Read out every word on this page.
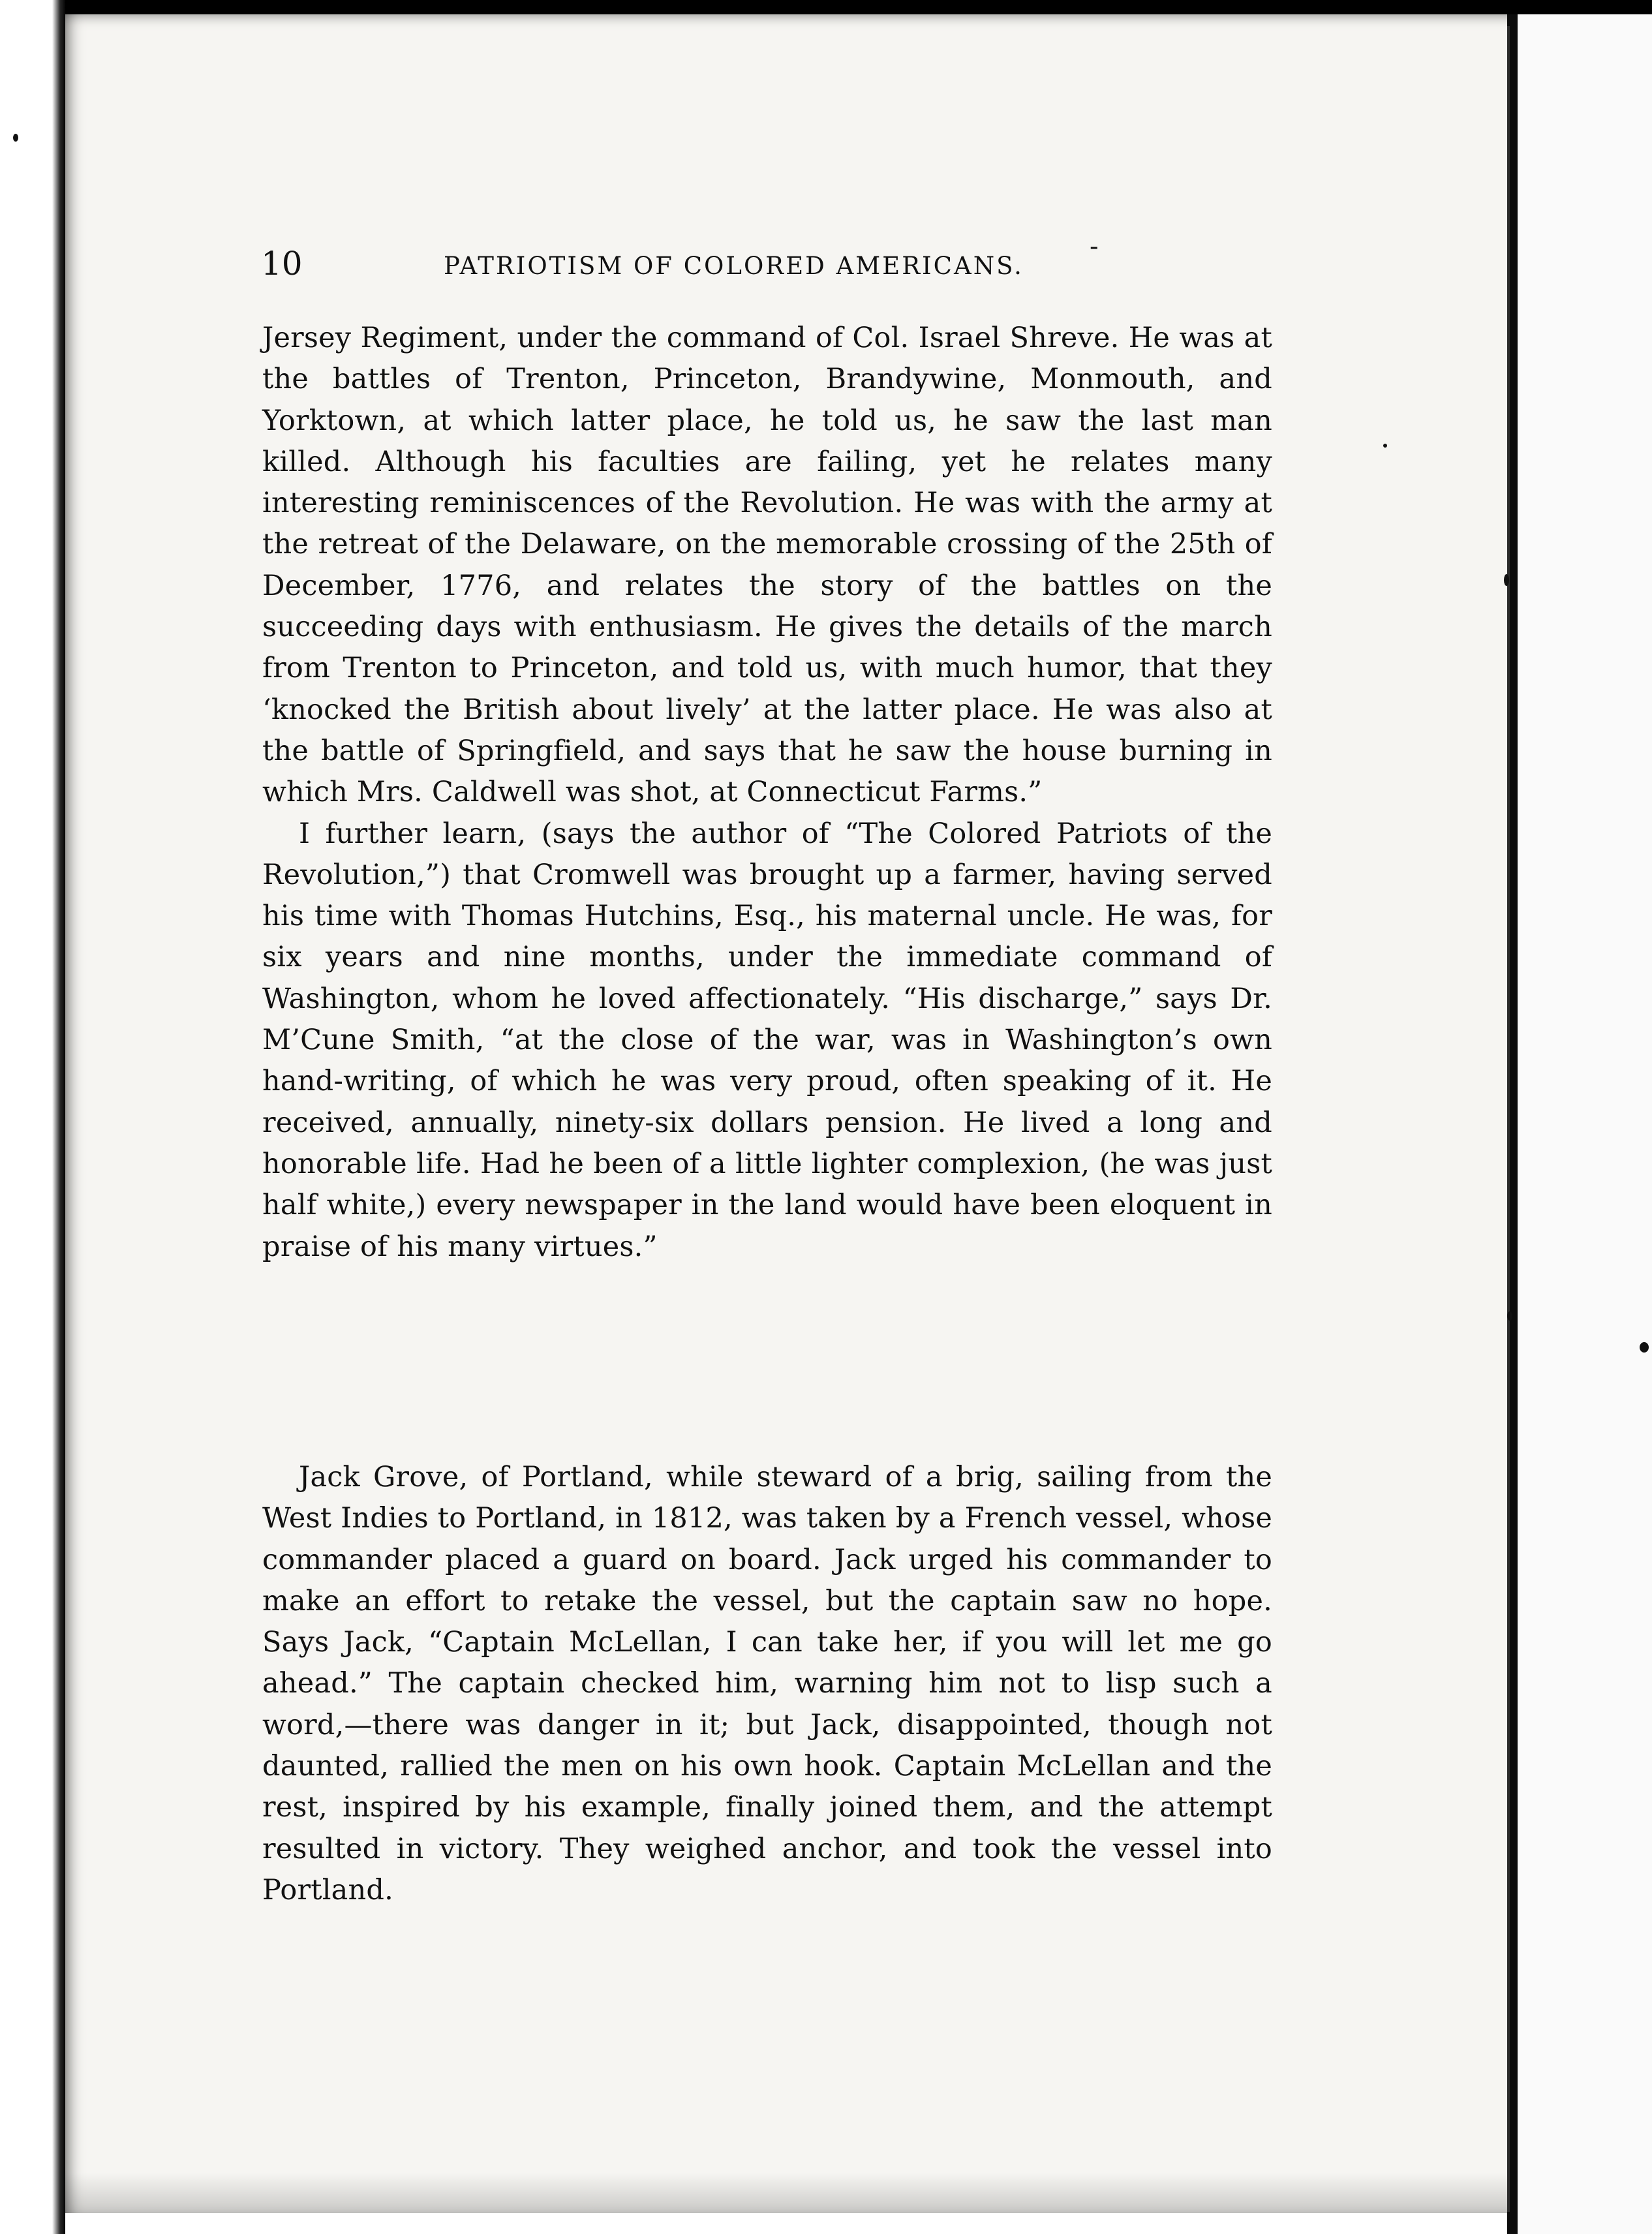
10	PATRIOTISM OF COLORED AMERICANS.
-

Jersey Regiment, under the command of Col. Israel Shreve. He was at the battles of Trenton, Princeton, Brandywine, Monmouth, and Yorktown, at which latter place, he told us, he saw the last man killed. Although his faculties are failing, yet he relates many interesting reminiscences of the Revolution. He was with the army at the retreat of the Delaware, on the memorable crossing of the 25th of December, 1776, and relates the story of the battles on the succeeding days with enthusiasm. He gives the details of the march from Trenton to Princeton, and told us, with much humor, that they ‘knocked the British about lively’ at the latter place. He was also at the battle of Springfield, and says that he saw the house burning in which Mrs. Caldwell was shot, at Connecticut Farms.”

I further learn, (says the author of “The Colored Patriots of the Revolution,”) that Cromwell was brought up a farmer, having served his time with Thomas Hutchins, Esq., his maternal uncle. He was, for six years and nine months, under the immediate command of Washington, whom he loved affectionately. “His discharge,” says Dr. M’Cune Smith, “at the close of the war, was in Washington’s own hand-writing, of which he was very proud, often speaking of it. He received, annually, ninety-six dollars pension. He lived a long and honorable life. Had he been of a little lighter complexion, (he was just half white,) every newspaper in the land would have been eloquent in praise of his many virtues.”

Jack Grove, of Portland, while steward of a brig, sailing from the West Indies to Portland, in 1812, was taken by a French vessel, whose commander placed a guard on board. Jack urged his commander to make an effort to retake the vessel, but the captain saw no hope. Says Jack, “Captain McLellan, I can take her, if you will let me go ahead.” The captain checked him, warning him not to lisp such a word,—there was danger in it; but Jack, disappointed, though not daunted, rallied the men on his own hook. Captain McLellan and the rest, inspired by his example, finally joined them, and the attempt resulted in victory. They weighed anchor, and took the vessel into Portland.
